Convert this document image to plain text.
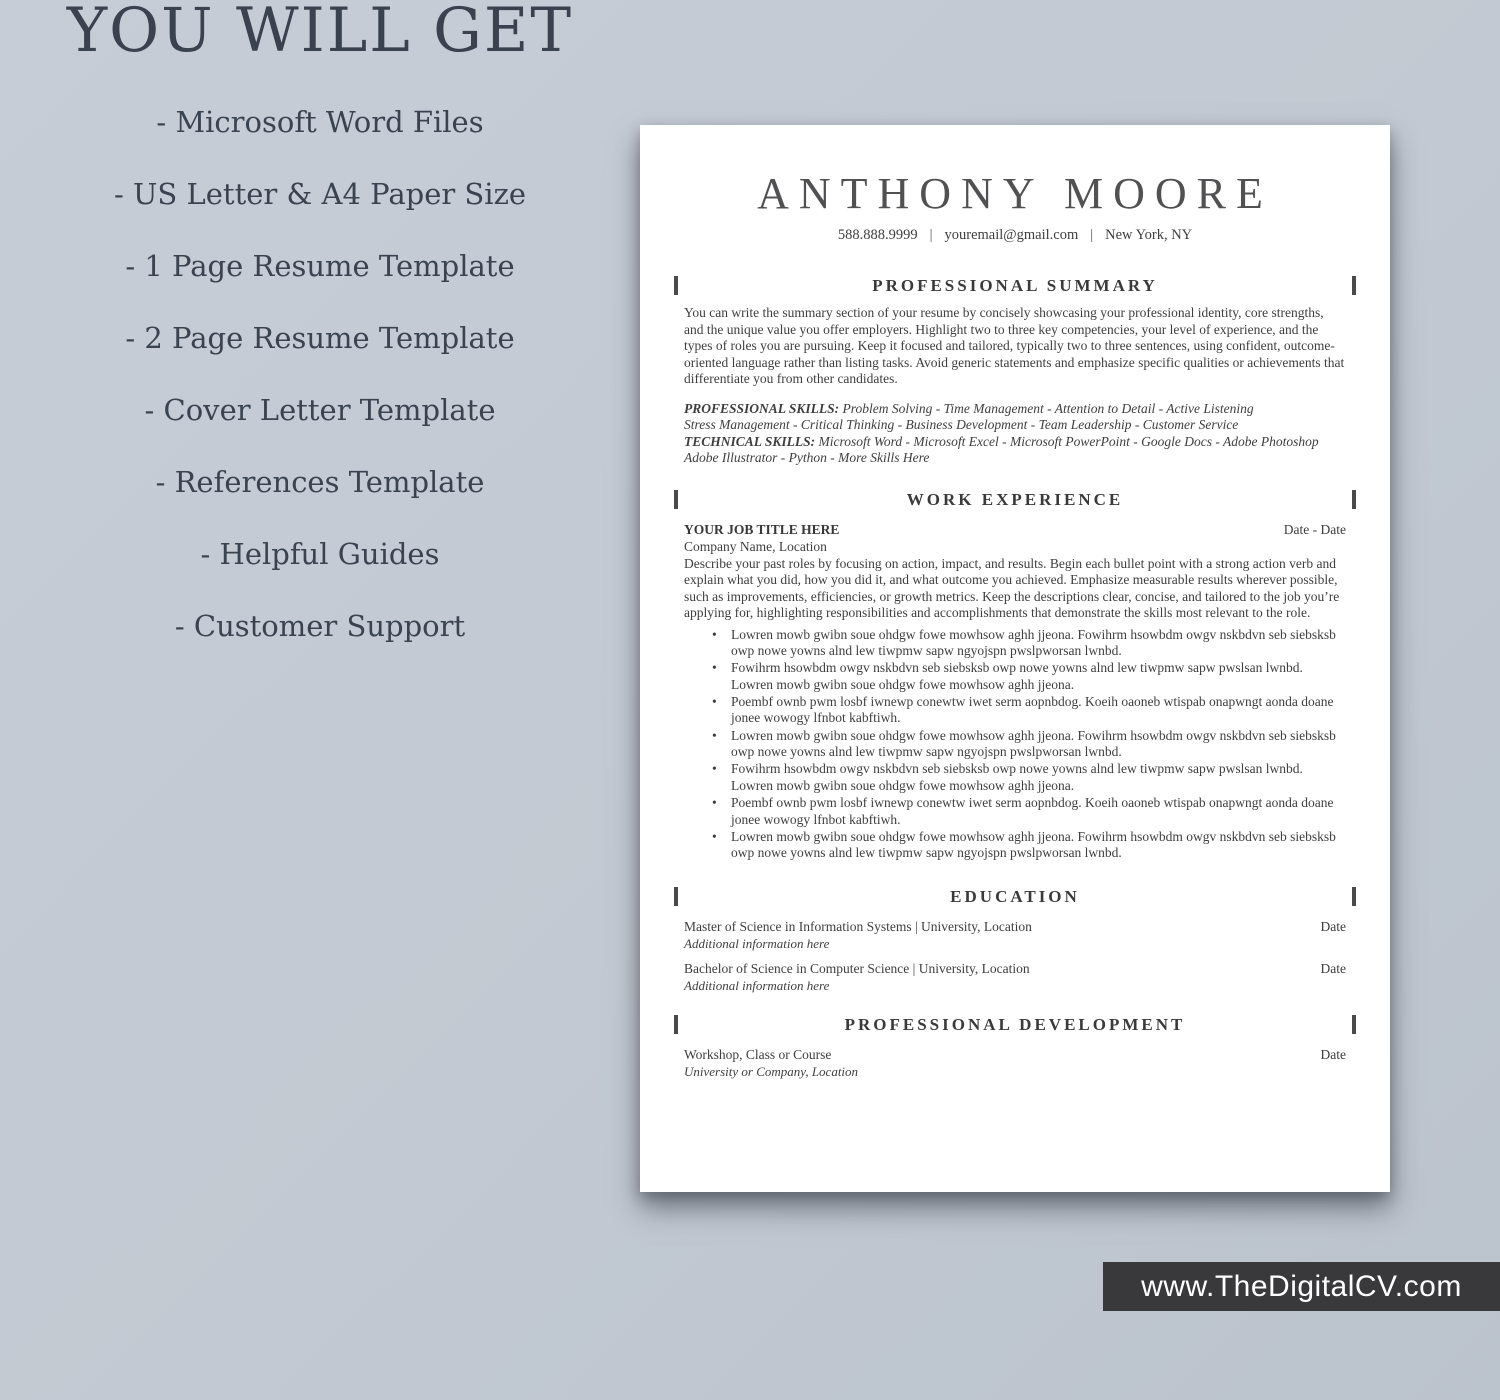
YOU WILL GET
- Microsoft Word Files
- US Letter & A4 Paper Size
- 1 Page Resume Template
- 2 Page Resume Template
- Cover Letter Template
- References Template
- Helpful Guides
- Customer Support
ANTHONY MOORE
588.888.9999 | youremail@gmail.com | New York, NY
PROFESSIONAL SUMMARY

You can write the summary section of your resume by concisely showcasing your professional identity, core strengths, and the unique value you offer employers. Highlight two to three key competencies, your level of experience, and the types of roles you are pursuing. Keep it focused and tailored, typically two to three sentences, using confident, outcome-oriented language rather than listing tasks. Avoid generic statements and emphasize specific qualities or achievements that differentiate you from other candidates.

PROFESSIONAL SKILLS: Problem Solving - Time Management - Attention to Detail - Active Listening
Stress Management - Critical Thinking - Business Development - Team Leadership - Customer Service
TECHNICAL SKILLS: Microsoft Word - Microsoft Excel - Microsoft PowerPoint - Google Docs - Adobe Photoshop
Adobe Illustrator - Python - More Skills Here

WORK EXPERIENCE
YOUR JOB TITLE HERE	Date - Date
Company Name, Location

Describe your past roles by focusing on action, impact, and results. Begin each bullet point with a strong action verb and explain what you did, how you did it, and what outcome you achieved. Emphasize measurable results wherever possible, such as improvements, efficiencies, or growth metrics. Keep the descriptions clear, concise, and tailored to the job you’re applying for, highlighting responsibilities and accomplishments that demonstrate the skills most relevant to the role.

• Lowren mowb gwibn soue ohdgw fowe mowhsow aghh jjeona. Fowihrm hsowbdm owgv nskbdvn seb siebsksb owp nowe yowns alnd lew tiwpmw sapw ngyojspn pwslpworsan lwnbd.
• Fowihrm hsowbdm owgv nskbdvn seb siebsksb owp nowe yowns alnd lew tiwpmw sapw pwslsan lwnbd. Lowren mowb gwibn soue ohdgw fowe mowhsow aghh jjeona.
• Poembf ownb pwm losbf iwnewp conewtw iwet serm aopnbdog. Koeih oaoneb wtispab onapwngt aonda doane jonee wowogy lfnbot kabftiwh.
• Lowren mowb gwibn soue ohdgw fowe mowhsow aghh jjeona. Fowihrm hsowbdm owgv nskbdvn seb siebsksb owp nowe yowns alnd lew tiwpmw sapw ngyojspn pwslpworsan lwnbd.
• Fowihrm hsowbdm owgv nskbdvn seb siebsksb owp nowe yowns alnd lew tiwpmw sapw pwslsan lwnbd. Lowren mowb gwibn soue ohdgw fowe mowhsow aghh jjeona.
• Poembf ownb pwm losbf iwnewp conewtw iwet serm aopnbdog. Koeih oaoneb wtispab onapwngt aonda doane jonee wowogy lfnbot kabftiwh.
• Lowren mowb gwibn soue ohdgw fowe mowhsow aghh jjeona. Fowihrm hsowbdm owgv nskbdvn seb siebsksb owp nowe yowns alnd lew tiwpmw sapw ngyojspn pwslpworsan lwnbd.
EDUCATION
Master of Science in Information Systems | University, Location	Date
Additional information here
Bachelor of Science in Computer Science | University, Location	Date
Additional information here
PROFESSIONAL DEVELOPMENT
Workshop, Class or Course	Date
University or Company, Location
www.TheDigitalCV.com
